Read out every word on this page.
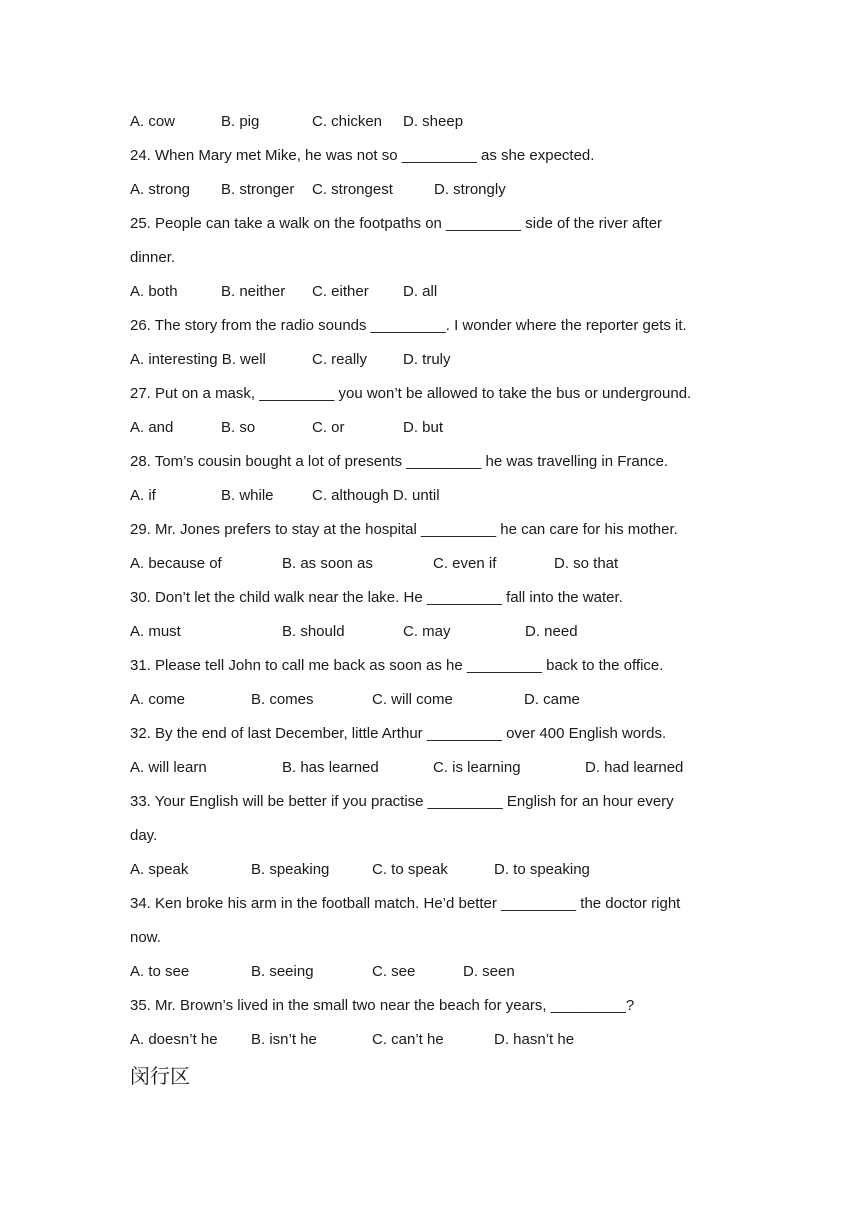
A. cow	B. pig	C. chicken D. sheep
24. When Mary met Mike, he was not so _________ as she expected.
A. strong B. stronger C. strongest	D. strongly
25. People can take a walk on the footpaths on _________ side of the river after
dinner.
A. both	B. neither C. either D. all
26. The story from the radio sounds _________. I wonder where the reporter gets it.
A. interesting B. well	C. really D. truly
27. Put on a mask, _________ you won’t be allowed to take the bus or underground.
A. and	B. so	C. or	D. but
28. Tom’s cousin bought a lot of presents _________ he was travelling in France.
A. if	B. while	C. although D. until
29. Mr. Jones prefers to stay at the hospital _________ he can care for his mother.
A. because of	B. as soon as	C. even if	D. so that
30. Don’t let the child walk near the lake. He _________ fall into the water.
A. must	B. should	C. may	D. need
31. Please tell John to call me back as soon as he _________ back to the office.
A. come	B. comes	C. will come	D. came
32. By the end of last December, little Arthur _________ over 400 English words.
A. will learn	B. has learned	C. is learning	D. had learned
33. Your English will be better if you practise _________ English for an hour every
day.
A. speak	B. speaking	C. to speak	D. to speaking
34. Ken broke his arm in the football match. He’d better _________ the doctor right
now.
A. to see	B. seeing	C. see	D. seen
35. Mr. Brown’s lived in the small two near the beach for years, _________?
A. doesn’t he B. isn’t he	C. can’t he	D. hasn’t he
闵行区
